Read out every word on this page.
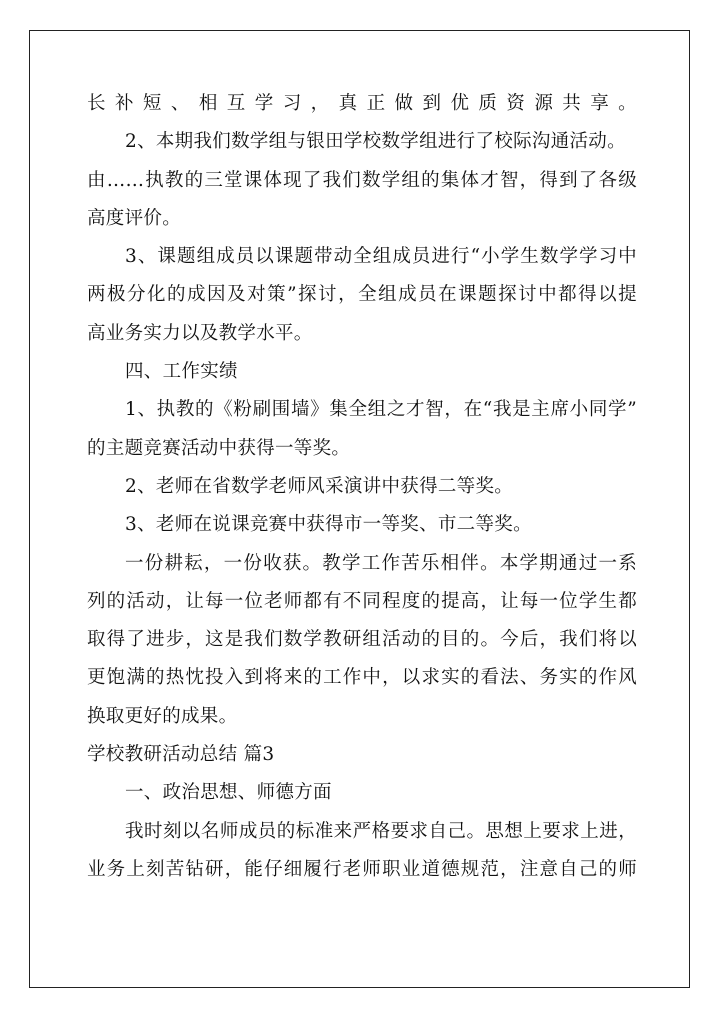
长补短、相互学习，真正做到优质资源共享。
2、本期我们数学组与银田学校数学组进行了校际沟通活动。
由……执教的三堂课体现了我们数学组的集体才智，得到了各级
高度评价。
3、课题组成员以课题带动全组成员进行“小学生数学学习中
两极分化的成因及对策”探讨，全组成员在课题探讨中都得以提
高业务实力以及教学水平。
四、工作实绩
1、执教的《粉刷围墙》集全组之才智，在“我是主席小同学”
的主题竞赛活动中获得一等奖。
2、老师在省数学老师风采演讲中获得二等奖。
3、老师在说课竞赛中获得市一等奖、市二等奖。
一份耕耘，一份收获。教学工作苦乐相伴。本学期通过一系
列的活动，让每一位老师都有不同程度的提高，让每一位学生都
取得了进步，这是我们数学教研组活动的目的。今后，我们将以
更饱满的热忱投入到将来的工作中，以求实的看法、务实的作风
换取更好的成果。
学校教研活动总结 篇3
一、政治思想、师德方面
我时刻以名师成员的标准来严格要求自己。思想上要求上进，
业务上刻苦钻研，能仔细履行老师职业道德规范，注意自己的师
